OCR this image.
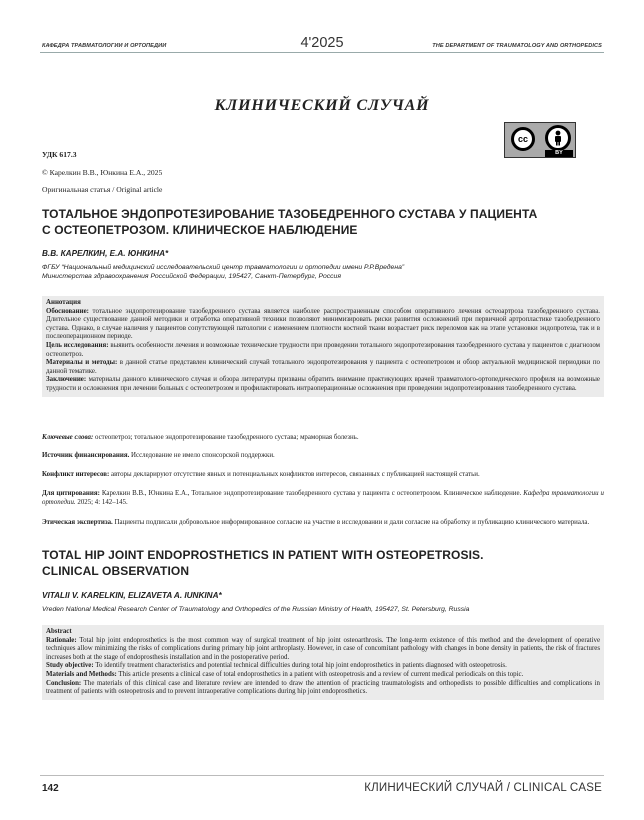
КАФЕДРА ТРАВМАТОЛОГИИ И ОРТОПЕДИИ	4'2025	THE DEPARTMENT OF TRAUMATOLOGY AND ORTHOPEDICS
КЛИНИЧЕСКИЙ СЛУЧАЙ
cc
BY
УДК 617.3
© Карелкин В.В., Юнкина Е.А., 2025
Оригинальная статья / Original article
ТОТАЛЬНОЕ ЭНДОПРОТЕЗИРОВАНИЕ ТАЗОБЕДРЕННОГО СУСТАВА У ПАЦИЕНТА
С ОСТЕОПЕТРОЗОМ. КЛИНИЧЕСКОЕ НАБЛЮДЕНИЕ
В.В. КАРЕЛКИН, Е.А. ЮНКИНА*
ФГБУ “Национальный медицинский исследовательский центр травматологии и ортопедии имени Р.Р.Вредена”
Министерства здравоохранения Российской Федерации, 195427, Санкт-Петербург, Россия

Аннотация

Обоснование: тотальное эндопротезирование тазобедренного сустава является наиболее распространенным способом оперативного лечения остеоартроза тазобедренного сустава. Длительное существование данной методики и отработка оперативной техники позволяют минимизировать риски развития осложнений при первичной артропластике тазобедренного сустава. Однако, в случае наличия у пациентов сопутствующей патологии с изменением плотности костной ткани возрастает риск переломов как на этапе установки эндопротеза, так и в послеоперационном периоде.

Цель исследования: выявить особенности лечения и возможные технические трудности при проведении тотального эндопротезирования тазобедренного сустава у пациентов с диагнозом остеопетроз.

Материалы и методы: в данной статье представлен клинический случай тотального эндопротезирования у пациента с остеопетрозом и обзор актуальной медицинской периодики по данной тематике.

Заключение: материалы данного клинического случая и обзора литературы призваны обратить внимание практикующих врачей травматолого-ортопедического профиля на возможные трудности и осложнения при лечении больных с остеопетрозом и профилактировать интраоперационные осложнения при проведении эндопротезирования тазобедренного сустава.

Ключевые слова: остеопетроз; тотальное эндопротезирование тазобедренного сустава; мраморная болезнь.
Источник финансирования. Исследование не имело спонсорской поддержки.
Конфликт интересов: авторы декларируют отсутствие явных и потенциальных конфликтов интересов, связанных с публикацией настоящей статьи.
Для цитирования: Карелкин В.В., Юнкина Е.А., Тотальное эндопротезирование тазобедренного сустава у пациента с остеопетрозом. Клиническое наблюдение. Кафедра травматологии и ортопедии. 2025; 4: 142–145.
Этическая экспертиза. Пациенты подписали добровольное информированное согласие на участие в исследовании и дали согласие на обработку и публикацию клинического материала.
TOTAL HIP JOINT ENDOPROSTHETICS IN PATIENT WITH OSTEOPETROSIS.
CLINICAL OBSERVATION
VITALII V. KARELKIN, ELIZAVETA A. IUNKINA*
Vreden National Medical Research Center of Traumatology and Orthopedics of the Russian Ministry of Health, 195427, St. Petersburg, Russia

Abstract

Rationale: Total hip joint endoprosthetics is the most common way of surgical treatment of hip joint osteoarthrosis. The long-term existence of this method and the development of operative techniques allow minimizing the risks of complications during primary hip joint arthroplasty. However, in case of concomitant pathology with changes in bone density in patients, the risk of fractures increases both at the stage of endoprosthesis installation and in the postoperative period.

Study objective: To identify treatment characteristics and potential technical difficulties during total hip joint endoprosthetics in patients diagnosed with osteopetrosis.

Materials and Methods: This article presents a clinical case of total endoprosthetics in a patient with osteopetrosis and a review of current medical periodicals on this topic.

Conclusion: The materials of this clinical case and literature review are intended to draw the attention of practicing traumatologists and orthopedists to possible difficulties and complications in treatment of patients with osteopetrosis and to prevent intraoperative complications during hip joint endoprosthetics.

142	КЛИНИЧЕСКИЙ СЛУЧАЙ / CLINICAL CASE
